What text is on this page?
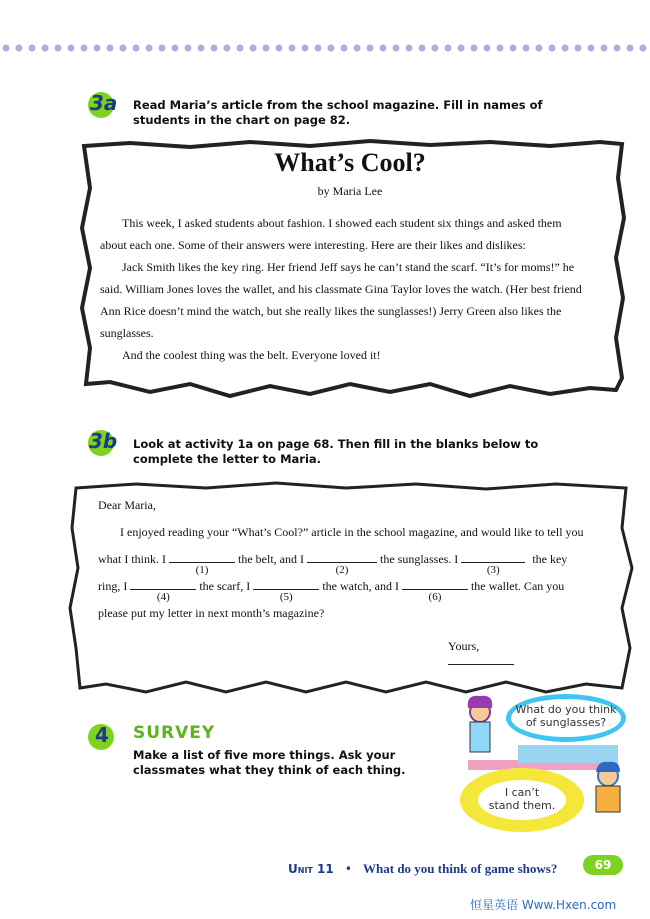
3a Read Maria’s article from the school magazine. Fill in names of
students in the chart on page 82.
What’s Cool?
by Maria Lee
This week, I asked students about fashion. I showed each student six things and asked them
about each one. Some of their answers were interesting. Here are their likes and dislikes:
Jack Smith likes the key ring. Her friend Jeff says he can’t stand the scarf. “It’s for moms!” he
said. William Jones loves the wallet, and his classmate Gina Taylor loves the watch. (Her best friend
Ann Rice doesn’t mind the watch, but she really likes the sunglasses!) Jerry Green also likes the
sunglasses.
And the coolest thing was the belt. Everyone loved it!
3b Look at activity 1a on page 68. Then fill in the blanks below to
complete the letter to Maria.
Dear Maria,
I enjoyed reading your “What’s Cool?” article in the school magazine, and would like to tell you
what I think. I
(1)
the belt, and I
(2)
the sunglasses. I
(3)
the key
ring, I
(4)
the scarf, I
(5)
the watch, and I
(6)
the wallet. Can you
please put my letter in next month’s magazine?
Yours,
4 SURVEY
Make a list of five more things. Ask your
classmates what they think of each thing.
What do you think
of sunglasses?
I can’t
stand them.
Unit 11 • What do you think of game shows?	69
恒星英语 Www.Hxen.com
